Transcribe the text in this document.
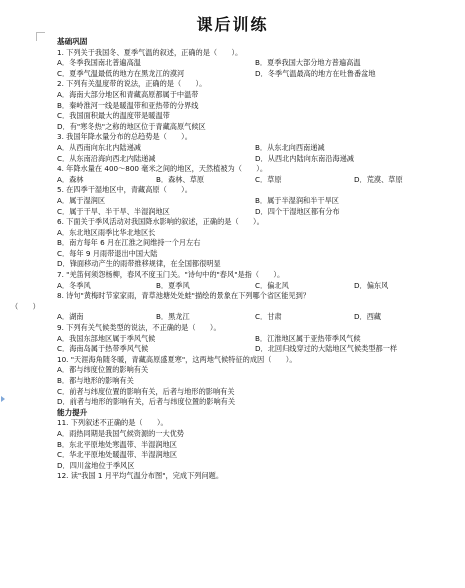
课后训练
基础巩固
1. 下列关于我国冬、夏季气温的叙述，正确的是（　　）。
A．冬季我国南北普遍高温	B．夏季我国大部分地方普遍高温
C．夏季气温最低的地方在黑龙江的漠河	D．冬季气温最高的地方在吐鲁番盆地
2. 下列有关温度带的说法，正确的是（　　）。
A．海南大部分地区和青藏高原都属于中温带
B．秦岭淮河一线是暖温带和亚热带的分界线
C．我国面积最大的温度带是暖温带
D．有"寒冬热"之称的地区位于青藏高原气候区
3. 我国年降水量分布的总趋势是（　　）。
A．从西南向东北内陆递减	B．从东北向西南递减
C．从东南沿海向西北内陆递减	D．从西北内陆向东南沿海递减
4. 年降水量在 400～800 毫米之间的地区，天然植被为（　　）。
A．森林	B．森林、草原	C．草原	D．荒漠、草原
5. 在四季干湿地区中，青藏高原（　　）。
A．属于湿润区	B．属于半湿润和半干旱区
C．属于干旱、半干旱、半湿润地区	D．四个干湿地区都有分布
6. 下面关于季风活动对我国降水影响的叙述，正确的是（　　）。
A．东北地区雨季比华北地区长
B．南方每年 6 月在江淮之间维持一个月左右
C．每年 9 月雨带退出中国大陆
D．锋面移动产生的雨带推移规律，在全国都很明显
7. "羌笛何须怨杨柳，春风不度玉门关。"诗句中的"春风"是指（　　）。
A．冬季风	B．夏季风	C．偏北风	D．偏东风
8. 诗句"黄梅时节家家雨，青草池塘处处蛙"描绘的景象在下列哪个省区能见到？
（　　）
A．湖南	B．黑龙江	C．甘肃	D．西藏
9. 下列有关气候类型的说法，不正确的是（　　）。
A．我国东部地区属于季风气候	B．江淮地区属于亚热带季风气候
C．海南岛属于热带季风气候	D．北回归线穿过的大陆地区气候类型都一样
10. "天涯海角随冬暖，青藏高原盛夏寒"，这两地气候特征的成因（　　）。
A．都与纬度位置的影响有关
B．都与地形的影响有关
C．前者与纬度位置的影响有关，后者与地形的影响有关
D．前者与地形的影响有关，后者与纬度位置的影响有关
能力提升
11. 下列叙述不正确的是（　　）。
A．雨热同期是我国气候资源的一大优势
B．东北平原地处寒温带、半湿润地区
C．华北平原地处暖温带、半湿润地区
D．四川盆地位于季风区
12. 读"我国 1 月平均气温分布图"，完成下列问题。
